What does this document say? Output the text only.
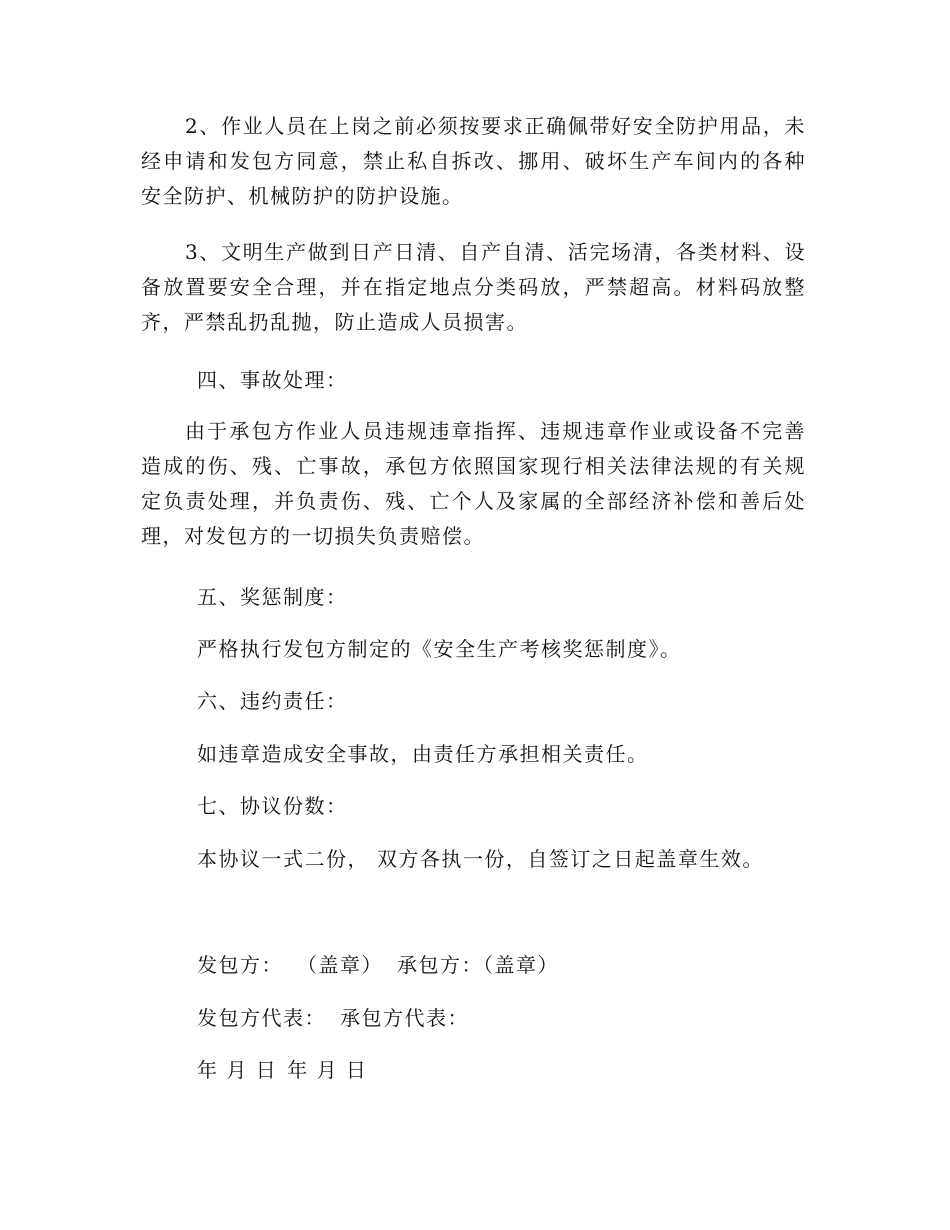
2、作业人员在上岗之前必须按要求正确佩带好安全防护用品，未经申请和发包方同意，禁止私自拆改、挪用、破坏生产车间内的各种安全防护、机械防护的防护设施。

3、文明生产做到日产日清、自产自清、活完场清，各类材料、设备放置要安全合理，并在指定地点分类码放，严禁超高。材料码放整齐，严禁乱扔乱抛，防止造成人员损害。

四、事故处理：

由于承包方作业人员违规违章指挥、违规违章作业或设备不完善造成的伤、残、亡事故，承包方依照国家现行相关法律法规的有关规定负责处理，并负责伤、残、亡个人及家属的全部经济补偿和善后处理，对发包方的一切损失负责赔偿。

五、奖惩制度：

严格执行发包方制定的《安全生产考核奖惩制度》。

六、违约责任：

如违章造成安全事故，由责任方承担相关责任。

七、协议份数：

本协议一式二份， 双方各执一份，自签订之日起盖章生效。

发包方： （盖章） 承包方：（盖章）
发包方代表： 承包方代表：
年 月 日 年 月 日
